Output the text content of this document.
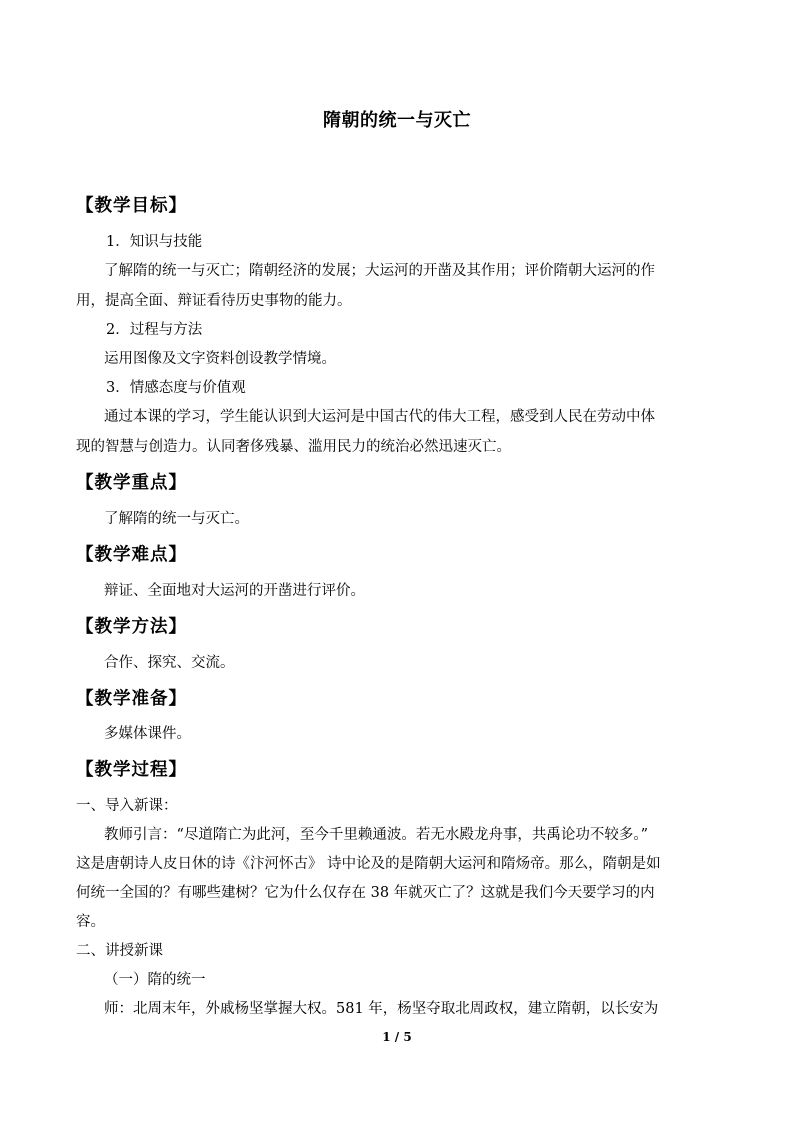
隋朝的统一与灭亡
【教学目标】
1．知识与技能
了解隋的统一与灭亡；隋朝经济的发展；大运河的开凿及其作用；评价隋朝大运河的作
用，提高全面、辩证看待历史事物的能力。
2．过程与方法
运用图像及文字资料创设教学情境。
3．情感态度与价值观
通过本课的学习，学生能认识到大运河是中国古代的伟大工程，感受到人民在劳动中体
现的智慧与创造力。认同奢侈残暴、滥用民力的统治必然迅速灭亡。
【教学重点】
了解隋的统一与灭亡。
【教学难点】
辩证、全面地对大运河的开凿进行评价。
【教学方法】
合作、探究、交流。
【教学准备】
多媒体课件。
【教学过程】
一、导入新课：
教师引言：“尽道隋亡为此河，至今千里赖通波。若无水殿龙舟事，共禹论功不较多。”
这是唐朝诗人皮日休的诗《汴河怀古》 诗中论及的是隋朝大运河和隋炀帝。那么，隋朝是如
何统一全国的？有哪些建树？它为什么仅存在 38 年就灭亡了？这就是我们今天要学习的内
容。
二、讲授新课
（一）隋的统一
师：北周末年，外戚杨坚掌握大权。581 年，杨坚夺取北周政权，建立隋朝，以长安为
1 / 5
